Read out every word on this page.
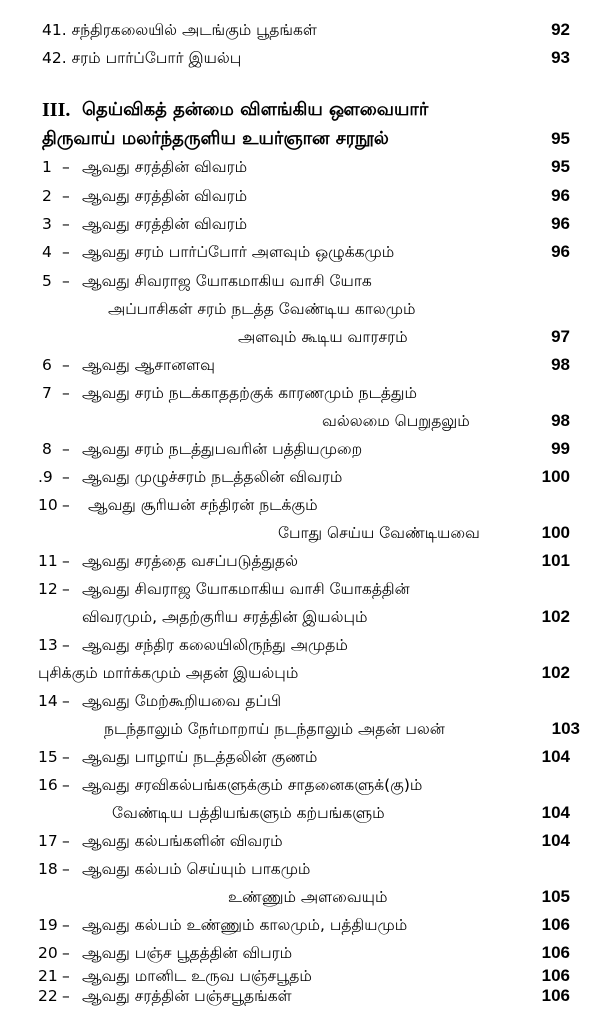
41. சந்திரகலையில் அடங்கும் பூதங்கள்	92
42. சரம் பார்ப்போர் இயல்பு	93
III. தெய்விகத் தன்மை விளங்கிய ஔவையார்
திருவாய் மலர்ந்தருளிய உயர்ஞான சரநூல்	95
1 – ஆவது சரத்தின் விவரம்	95
2 – ஆவது சரத்தின் விவரம்	96
3 – ஆவது சரத்தின் விவரம்	96
4 – ஆவது சரம் பார்ப்போர் அளவும் ஒழுக்கமும்	96
5 – ஆவது சிவராஜ யோகமாகிய வாசி யோக
அப்பாசிகள் சரம் நடத்த வேண்டிய காலமும்
அளவும் கூடிய வாரசரம்	97
6 – ஆவது ஆசானளவு	98
7 – ஆவது சரம் நடக்காததற்குக் காரணமும் நடத்தும்
வல்லமை பெறுதலும்	98
8 – ஆவது சரம் நடத்துபவரின் பத்தியமுறை	99
.9 – ஆவது முழுச்சரம் நடத்தலின் விவரம்	100
10 – ஆவது சூரியன் சந்திரன் நடக்கும்
போது செய்ய வேண்டியவை	100
11 – ஆவது சரத்தை வசப்படுத்துதல்	101
12 – ஆவது சிவராஜ யோகமாகிய வாசி யோகத்தின்
விவரமும், அதற்குரிய சரத்தின் இயல்பும்	102
13 – ஆவது சந்திர கலையிலிருந்து அமுதம்
புசிக்கும் மார்க்கமும் அதன் இயல்பும்	102
14 – ஆவது மேற்கூறியவை தப்பி
நடந்தாலும் நேர்மாறாய் நடந்தாலும் அதன் பலன்	103
15 – ஆவது பாழாய் நடத்தலின் குணம்	104
16 – ஆவது சரவிகல்பங்களுக்கும் சாதனைகளுக்(கு)ம்
வேண்டிய பத்தியங்களும் கற்பங்களும்	104
17 – ஆவது கல்பங்களின் விவரம்	104
18 – ஆவது கல்பம் செய்யும் பாகமும்
உண்ணும் அளவையும்	105
19 – ஆவது கல்பம் உண்ணும் காலமும், பத்தியமும்	106
20 – ஆவது பஞ்ச பூதத்தின் விபரம்	106
21 – ஆவது மானிட உருவ பஞ்சபூதம்	106
22 – ஆவது சரத்தின் பஞ்சபூதங்கள்	106
